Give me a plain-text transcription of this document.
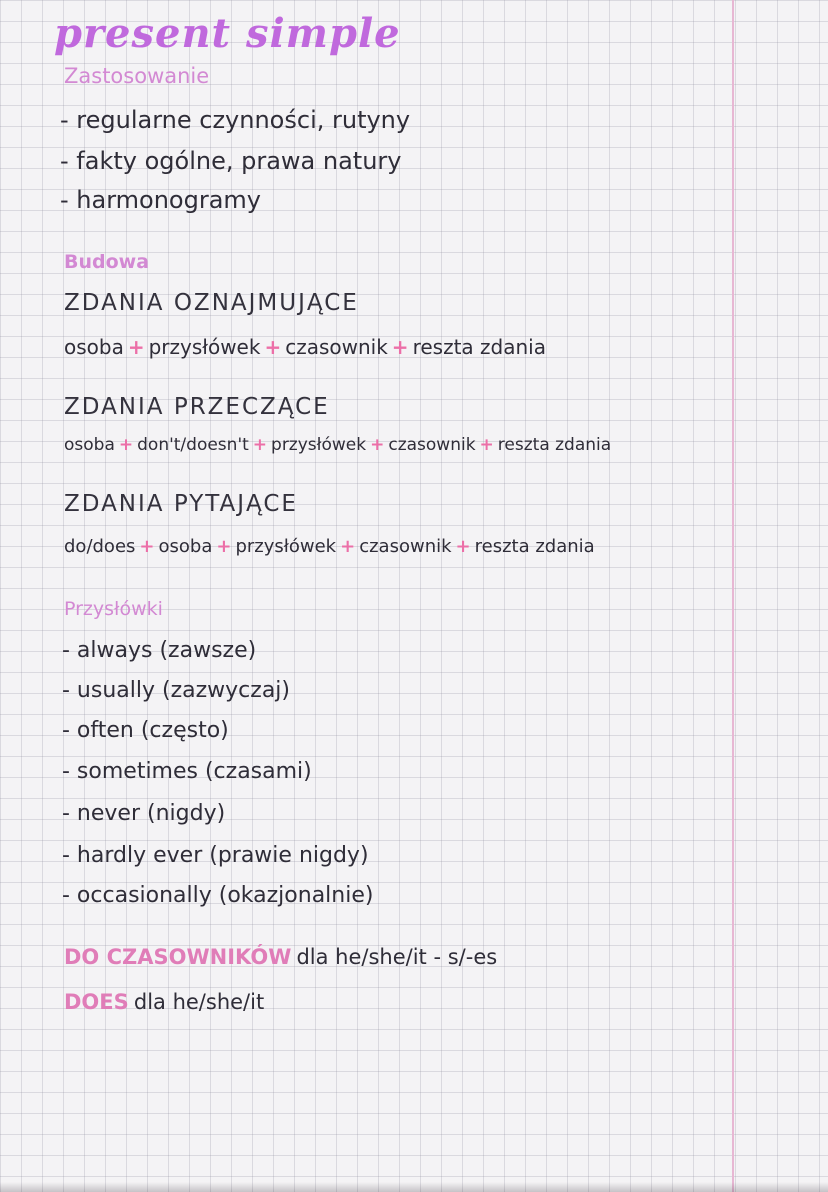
present simple
Zastosowanie
- regularne czynności, rutyny
- fakty ogólne, prawa natury
- harmonogramy
Budowa
ZDANIA OZNAJMUJĄCE
osoba + przysłówek + czasownik + reszta zdania
ZDANIA PRZECZĄCE
osoba + don't/doesn't + przysłówek + czasownik + reszta zdania
ZDANIA PYTAJĄCE
do/does + osoba + przysłówek + czasownik + reszta zdania
Przysłówki
- always (zawsze)
- usually (zazwyczaj)
- often (często)
- sometimes (czasami)
- never (nigdy)
- hardly ever (prawie nigdy)
- occasionally (okazjonalnie)
DO CZASOWNIKÓW dla he/she/it - s/-es
DOES dla he/she/it
